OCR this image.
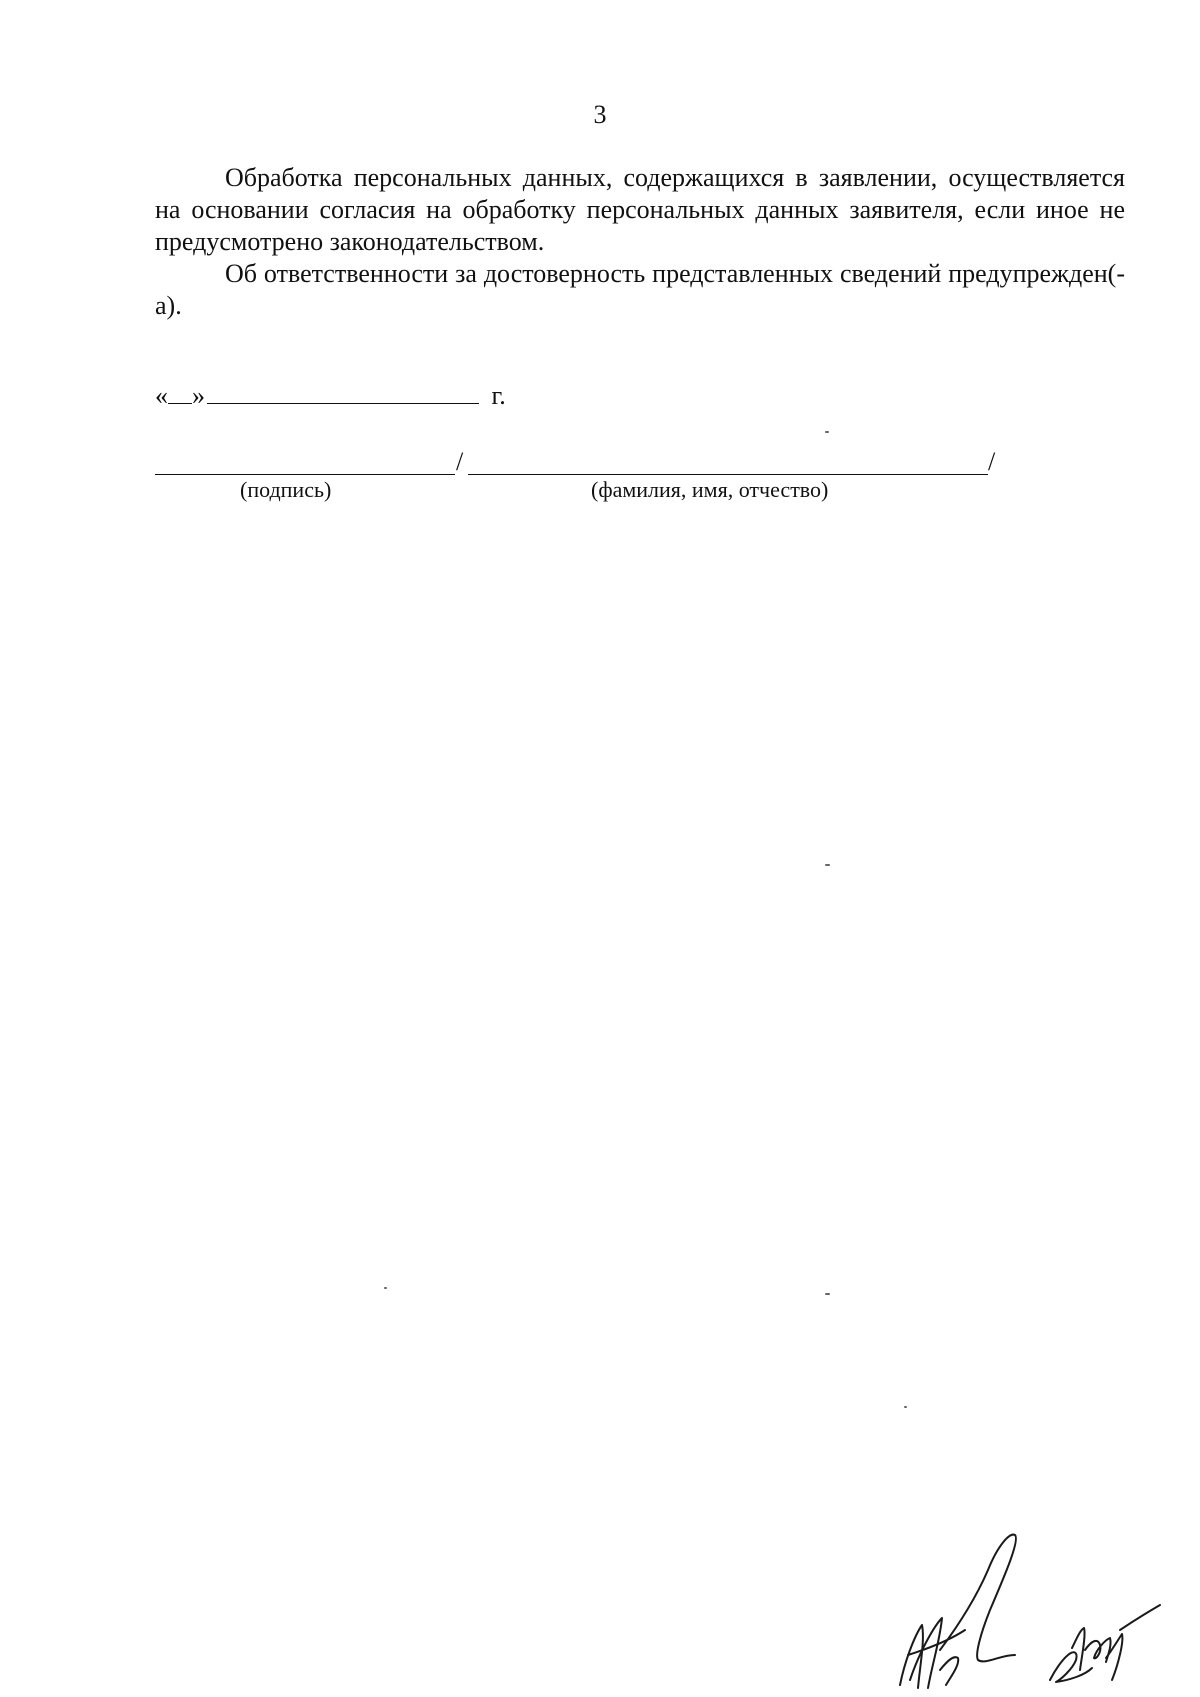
3

Обработка персональных данных, содержащихся в заявлении, осуществляется на основании согласия на обработку персональных данных заявителя, если иное не предусмотрено законодательством.

Об ответственности за достоверность представленных сведений предупрежден(-а).

« »	г.
/	/
(подпись)	(фамилия, имя, отчество)
